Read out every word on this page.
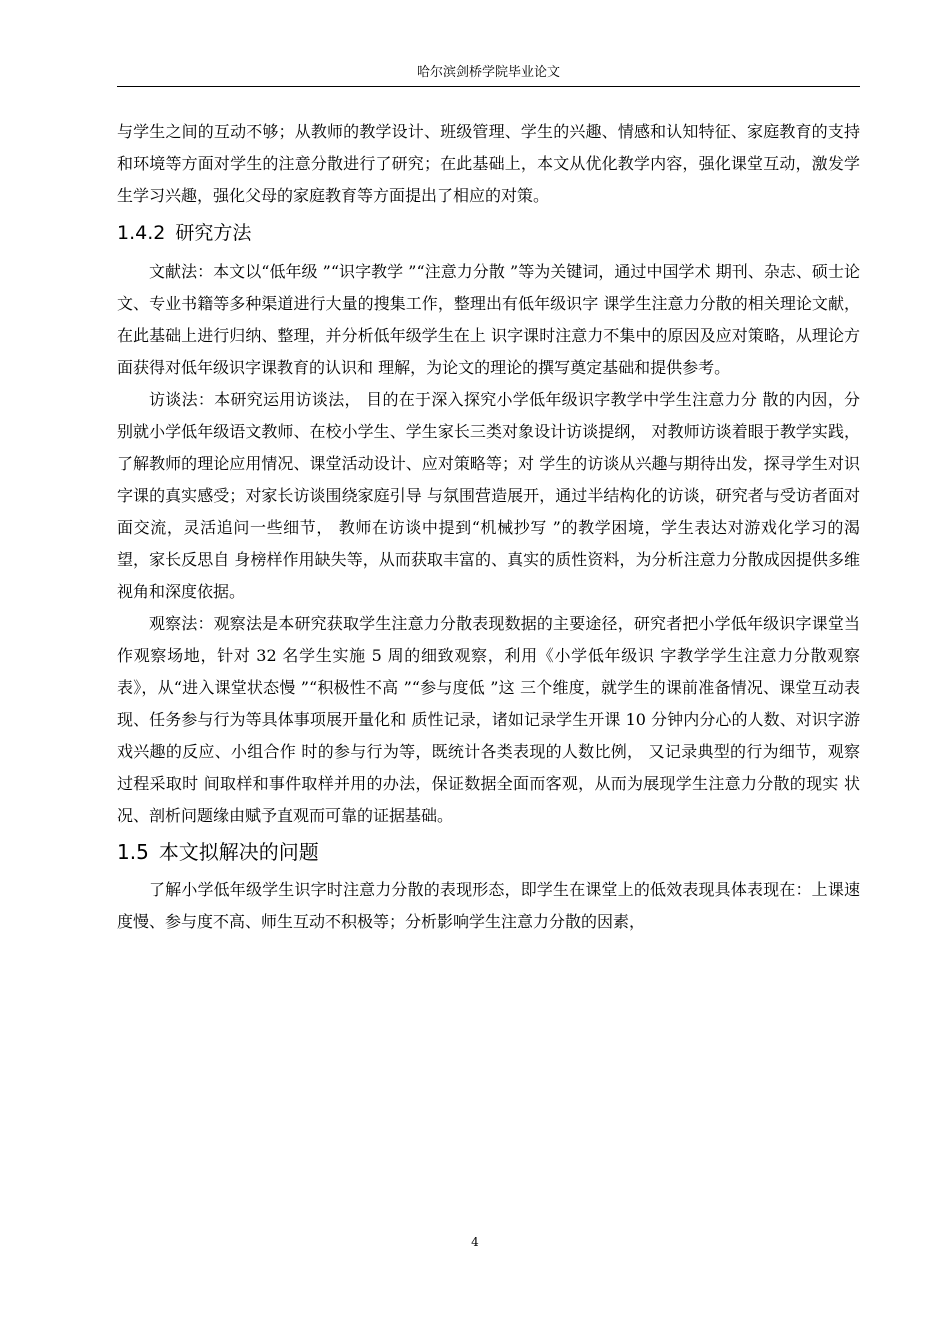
哈尔滨剑桥学院毕业论文

与学生之间的互动不够；从教师的教学设计、班级管理、学生的兴趣、情感和认知特征、家庭教育的支持和环境等方面对学生的注意分散进行了研究；在此基础上，本文从优化教学内容，强化课堂互动，激发学生学习兴趣，强化父母的家庭教育等方面提出了相应的对策。

1.4.2 研究方法

文献法：本文以“低年级 ”“识字教学 ”“注意力分散 ”等为关键词，通过中国学术 期刊、杂志、硕士论文、专业书籍等多种渠道进行大量的搜集工作，整理出有低年级识字 课学生注意力分散的相关理论文献，在此基础上进行归纳、整理，并分析低年级学生在上 识字课时注意力不集中的原因及应对策略，从理论方面获得对低年级识字课教育的认识和 理解，为论文的理论的撰写奠定基础和提供参考。

访谈法：本研究运用访谈法， 目的在于深入探究小学低年级识字教学中学生注意力分 散的内因，分别就小学低年级语文教师、在校小学生、学生家长三类对象设计访谈提纲， 对教师访谈着眼于教学实践，了解教师的理论应用情况、课堂活动设计、应对策略等；对 学生的访谈从兴趣与期待出发，探寻学生对识字课的真实感受；对家长访谈围绕家庭引导 与氛围营造展开，通过半结构化的访谈，研究者与受访者面对面交流，灵活追问一些细节， 教师在访谈中提到“机械抄写 ”的教学困境，学生表达对游戏化学习的渴望，家长反思自 身榜样作用缺失等，从而获取丰富的、真实的质性资料，为分析注意力分散成因提供多维 视角和深度依据。

观察法：观察法是本研究获取学生注意力分散表现数据的主要途径，研究者把小学低年级识字课堂当作观察场地，针对 32 名学生实施 5 周的细致观察，利用《小学低年级识 字教学学生注意力分散观察表》，从“进入课堂状态慢 ”“积极性不高 ”“参与度低 ”这 三个维度，就学生的课前准备情况、课堂互动表现、任务参与行为等具体事项展开量化和 质性记录，诸如记录学生开课 10 分钟内分心的人数、对识字游戏兴趣的反应、小组合作 时的参与行为等，既统计各类表现的人数比例， 又记录典型的行为细节，观察过程采取时 间取样和事件取样并用的办法，保证数据全面而客观，从而为展现学生注意力分散的现实 状况、剖析问题缘由赋予直观而可靠的证据基础。

1.5 本文拟解决的问题

了解小学低年级学生识字时注意力分散的表现形态，即学生在课堂上的低效表现具体表现在：上课速度慢、参与度不高、师生互动不积极等；分析影响学生注意力分散的因素，

4
